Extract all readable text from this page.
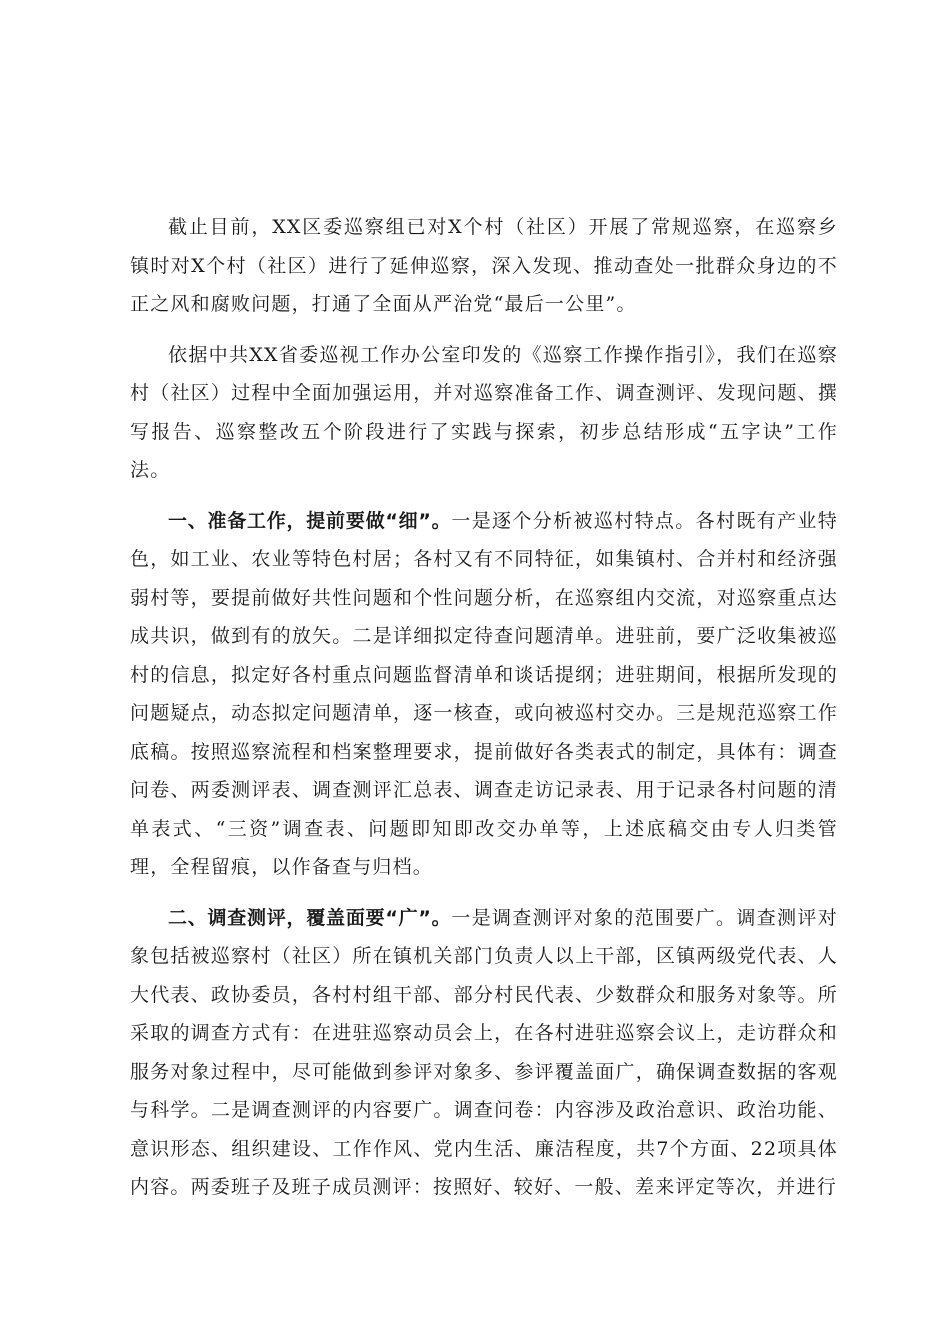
截止目前，XX区委巡察组已对X个村（社区）开展了常规巡察，在巡察乡镇时对X个村（社区）进行了延伸巡察，深入发现、推动查处一批群众身边的不正之风和腐败问题，打通了全面从严治党“最后一公里”。

依据中共XX省委巡视工作办公室印发的《巡察工作操作指引》，我们在巡察村（社区）过程中全面加强运用，并对巡察准备工作、调查测评、发现问题、撰写报告、巡察整改五个阶段进行了实践与探索，初步总结形成“五字诀”工作法。

一、准备工作，提前要做“细”。一是逐个分析被巡村特点。各村既有产业特色，如工业、农业等特色村居；各村又有不同特征，如集镇村、合并村和经济强弱村等，要提前做好共性问题和个性问题分析，在巡察组内交流，对巡察重点达成共识，做到有的放矢。二是详细拟定待查问题清单。进驻前，要广泛收集被巡村的信息，拟定好各村重点问题监督清单和谈话提纲；进驻期间，根据所发现的问题疑点，动态拟定问题清单，逐一核查，或向被巡村交办。三是规范巡察工作底稿。按照巡察流程和档案整理要求，提前做好各类表式的制定，具体有：调查问卷、两委测评表、调查测评汇总表、调查走访记录表、用于记录各村问题的清单表式、“三资”调查表、问题即知即改交办单等，上述底稿交由专人归类管理，全程留痕，以作备查与归档。

二、调查测评，覆盖面要“广”。一是调查测评对象的范围要广。调查测评对象包括被巡察村（社区）所在镇机关部门负责人以上干部，区镇两级党代表、人大代表、政协委员，各村村组干部、部分村民代表、少数群众和服务对象等。所采取的调查方式有：在进驻巡察动员会上，在各村进驻巡察会议上，走访群众和服务对象过程中，尽可能做到参评对象多、参评覆盖面广，确保调查数据的客观与科学。二是调查测评的内容要广。调查问卷：内容涉及政治意识、政治功能、意识形态、组织建设、工作作风、党内生活、廉洁程度，共7个方面、22项具体内容。两委班子及班子成员测评：按照好、较好、一般、差来评定等次，并进行
